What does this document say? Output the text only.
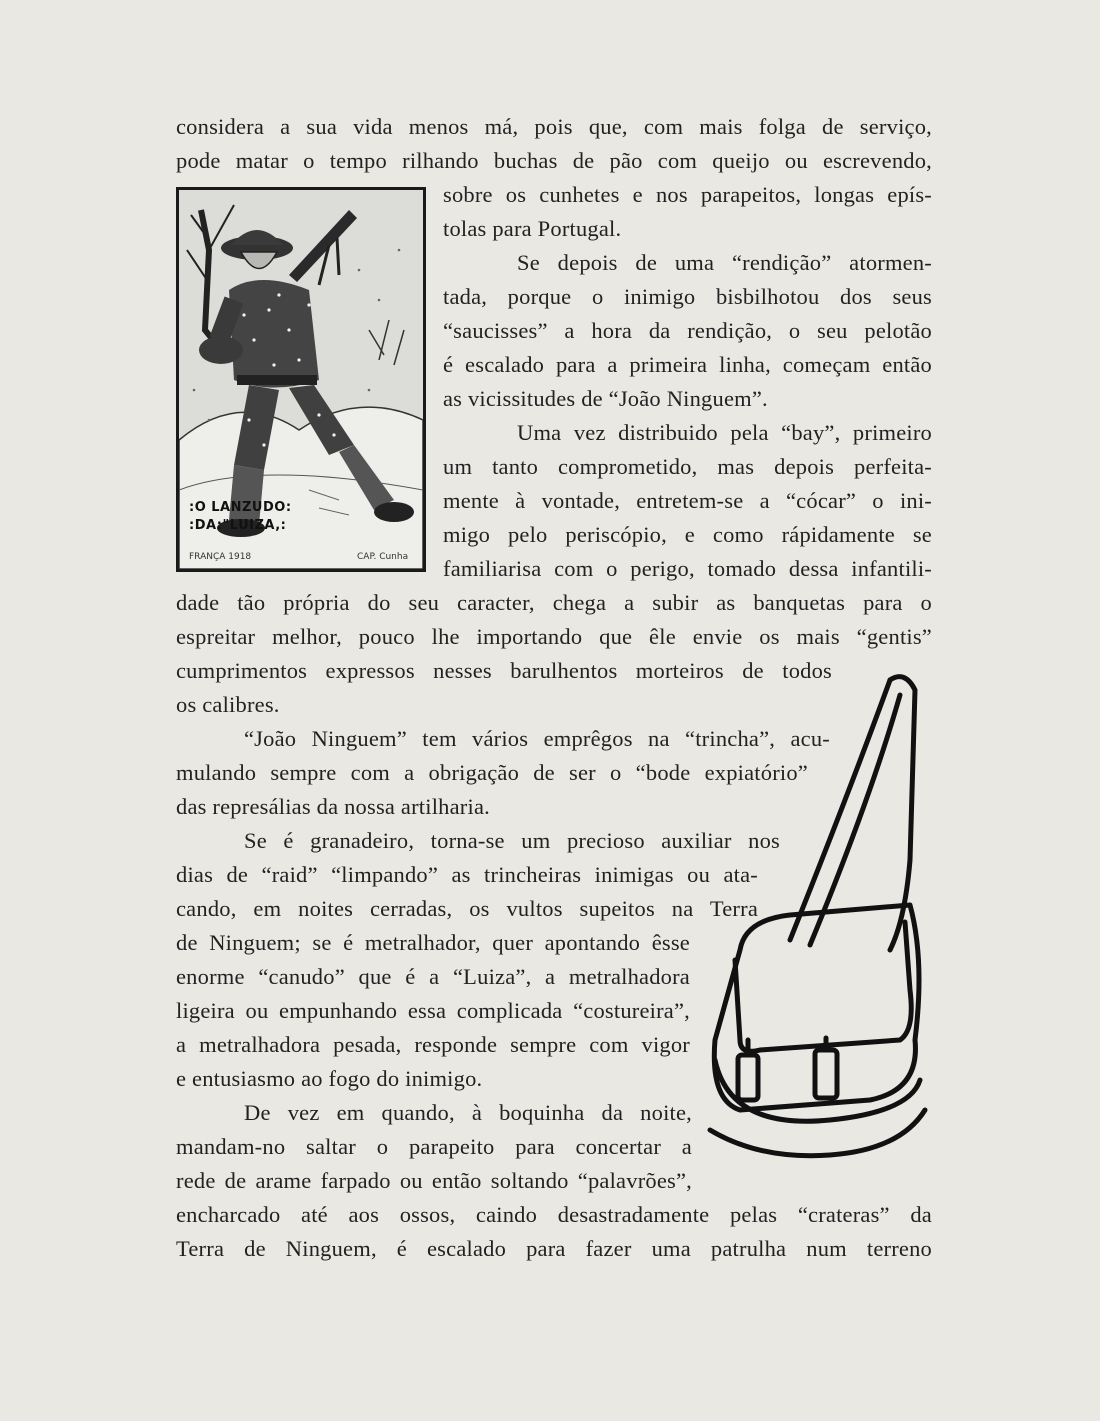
:O LANZUDO:
:DA:"LUIZA,:
FRANÇA 1918	CAP. Cunha
considera a sua vida menos má, pois que, com mais folga de serviço,
pode matar o tempo rilhando buchas de pão com queijo ou escrevendo,
sobre os cunhetes e nos parapeitos, longas epís-
tolas para Portugal.
Se depois de uma “rendição” atormen-
tada, porque o inimigo bisbilhotou dos seus
“saucisses” a hora da rendição, o seu pelotão
é escalado para a primeira linha, começam então
as vicissitudes de “João Ninguem”.
Uma vez distribuido pela “bay”, primeiro
um tanto comprometido, mas depois perfeita-
mente à vontade, entretem-se a “cócar” o ini-
migo pelo periscópio, e como rápidamente se
familiarisa com o perigo, tomado dessa infantili-
dade tão própria do seu caracter, chega a subir as banquetas para o
espreitar melhor, pouco lhe importando que êle envie os mais “gentis”
cumprimentos expressos nesses barulhentos morteiros de todos
os calibres.
“João Ninguem” tem vários emprêgos na “trincha”, acu-
mulando sempre com a obrigação de ser o “bode expiatório”
das represálias da nossa artilharia.
Se é granadeiro, torna-se um precioso auxiliar nos
dias de “raid” “limpando” as trincheiras inimigas ou ata-
cando, em noites cerradas, os vultos supeitos na Terra
de Ninguem; se é metralhador, quer apontando êsse
enorme “canudo” que é a “Luiza”, a metralhadora
ligeira ou empunhando essa complicada “costureira”,
a metralhadora pesada, responde sempre com vigor
e entusiasmo ao fogo do inimigo.
De vez em quando, à boquinha da noite,
mandam-no saltar o parapeito para concertar a
rede de arame farpado ou então soltando “palavrões”,
encharcado até aos ossos, caindo desastradamente pelas “crateras” da
Terra de Ninguem, é escalado para fazer uma patrulha num terreno
